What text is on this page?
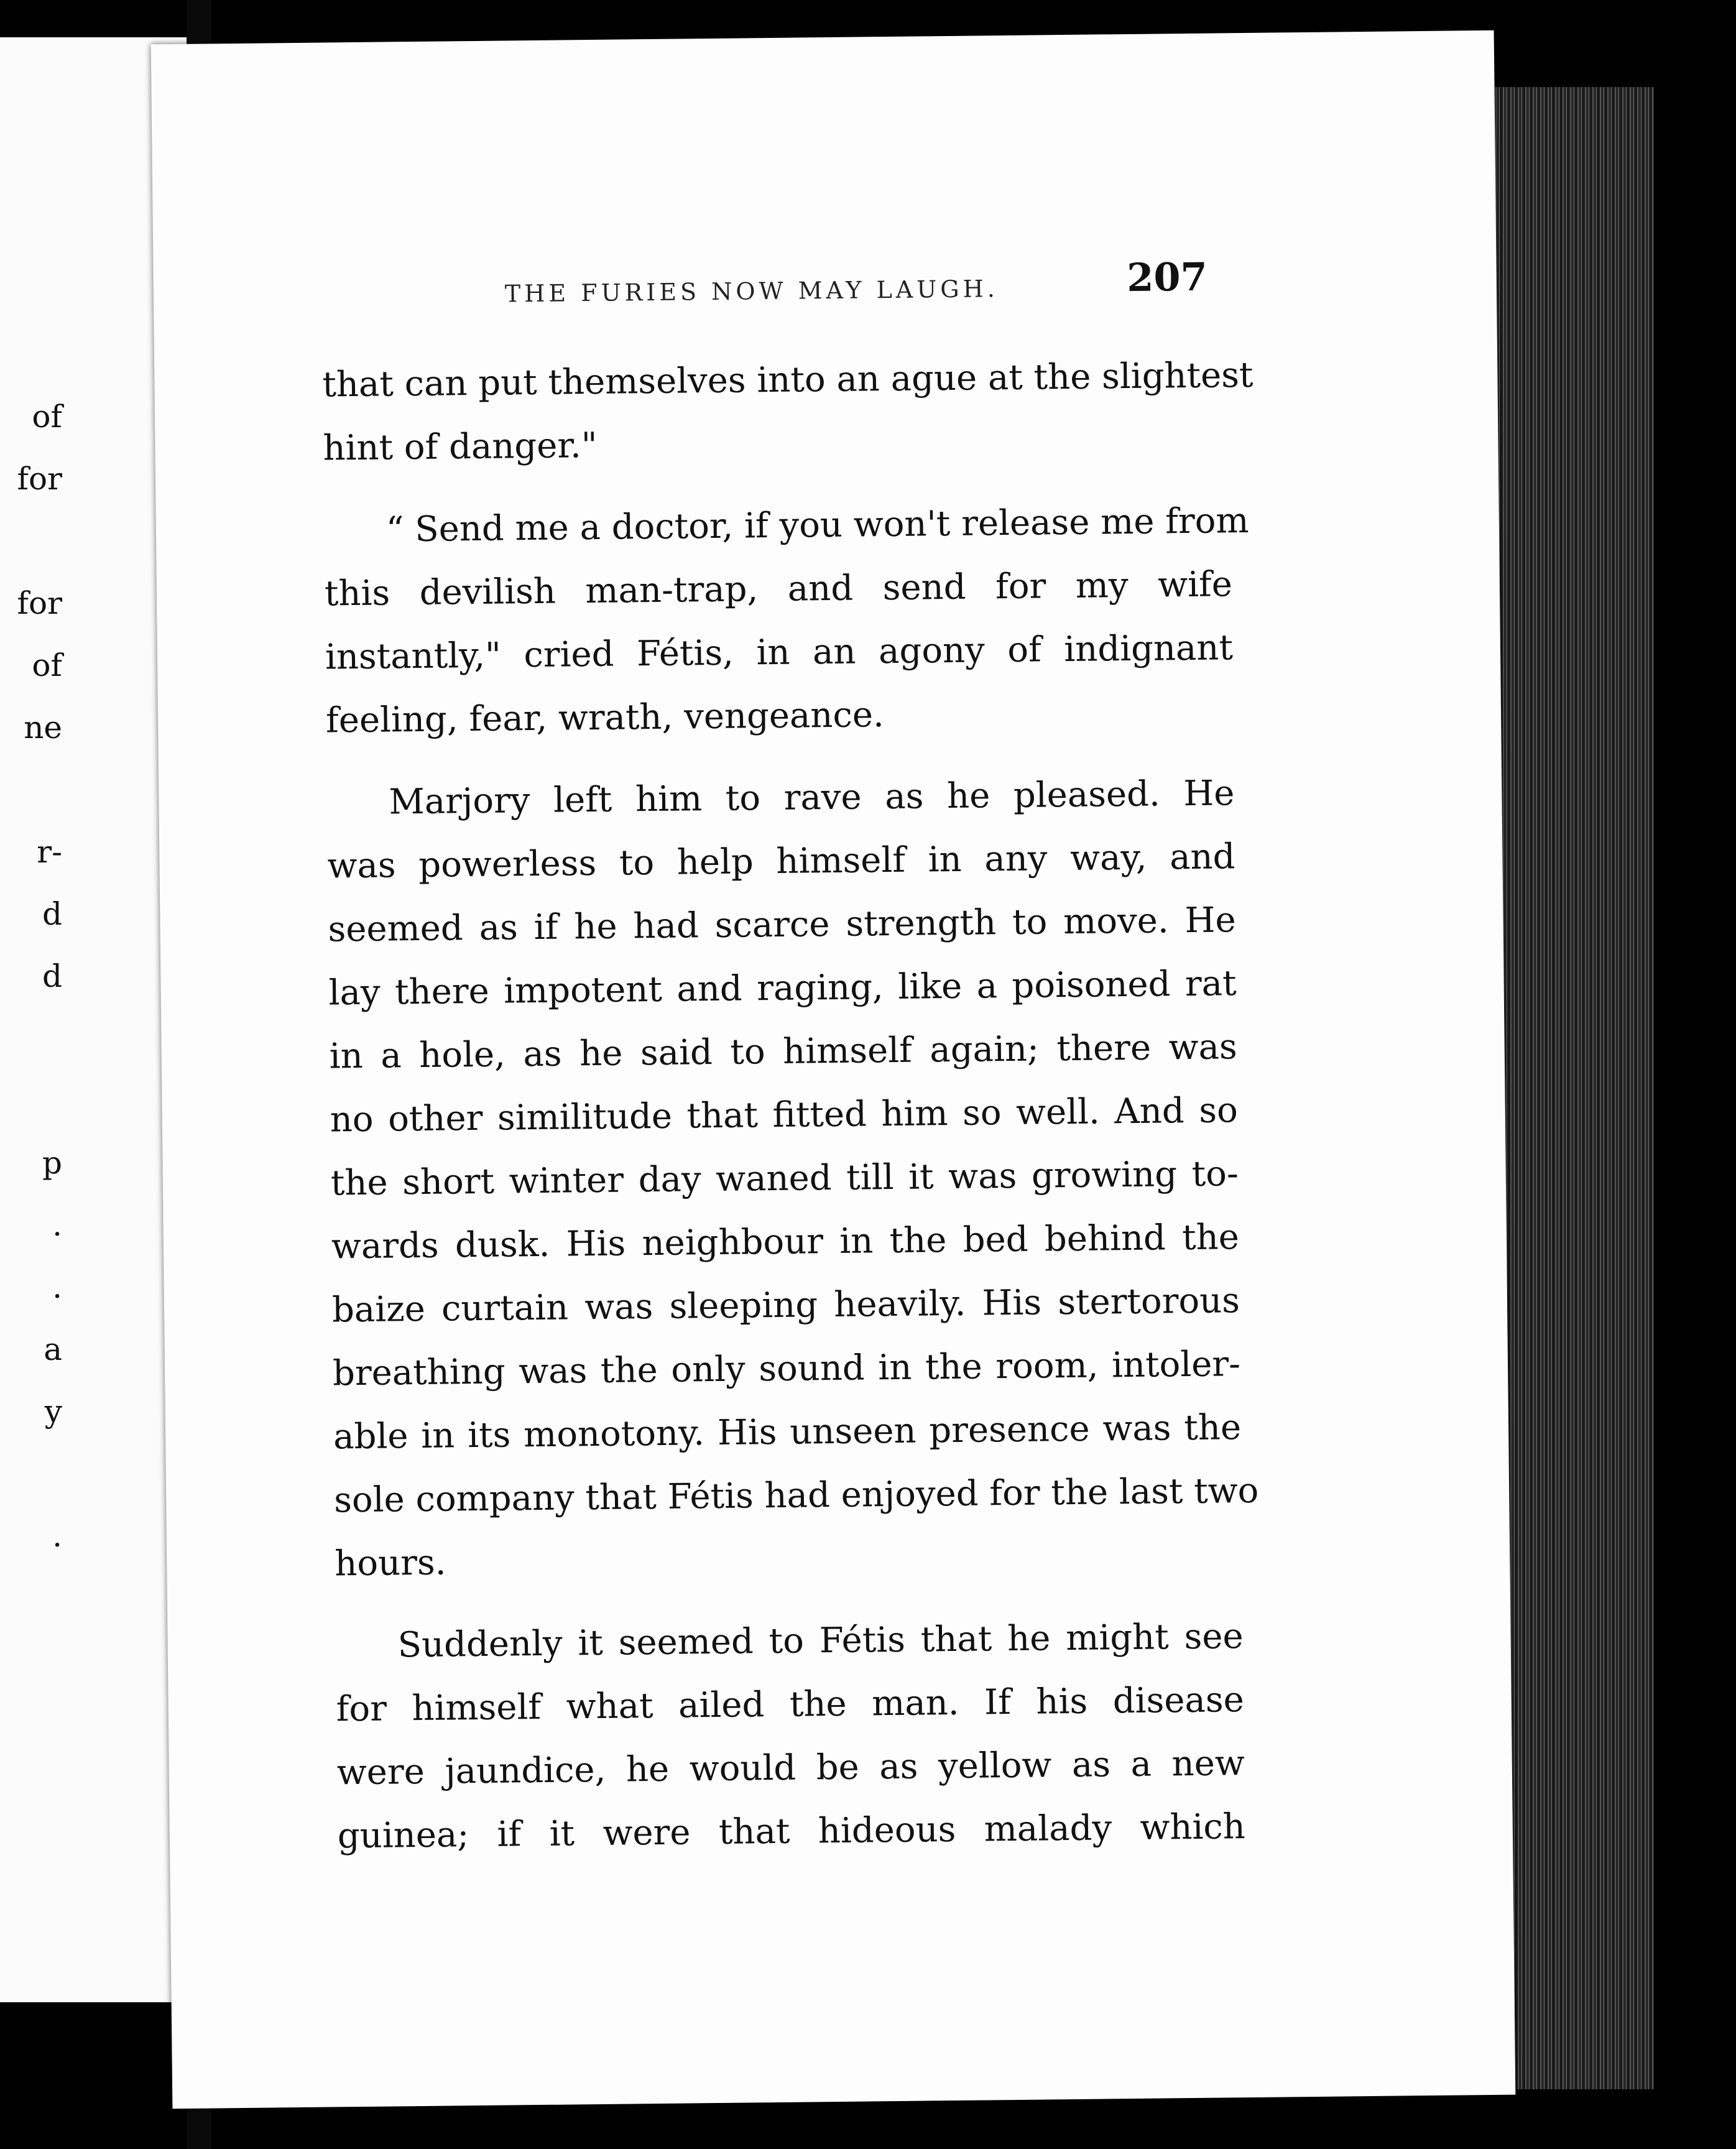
of
for
for
of
ne
r-
d
d
p
.
.
a
y
.
THE FURIES NOW MAY LAUGH.	207
that can put themselves into an ague at the slightest
hint of danger."
“ Send me a doctor, if you won't release me from
this devilish man-trap, and send for my wife
instantly," cried Fétis, in an agony of indignant
feeling, fear, wrath, vengeance.
Marjory left him to rave as he pleased. He
was powerless to help himself in any way, and
seemed as if he had scarce strength to move. He
lay there impotent and raging, like a poisoned rat
in a hole, as he said to himself again; there was
no other similitude that fitted him so well. And so
the short winter day waned till it was growing to-
wards dusk. His neighbour in the bed behind the
baize curtain was sleeping heavily. His stertorous
breathing was the only sound in the room, intoler-
able in its monotony. His unseen presence was the
sole company that Fétis had enjoyed for the last two
hours.
Suddenly it seemed to Fétis that he might see
for himself what ailed the man. If his disease
were jaundice, he would be as yellow as a new
guinea; if it were that hideous malady which
